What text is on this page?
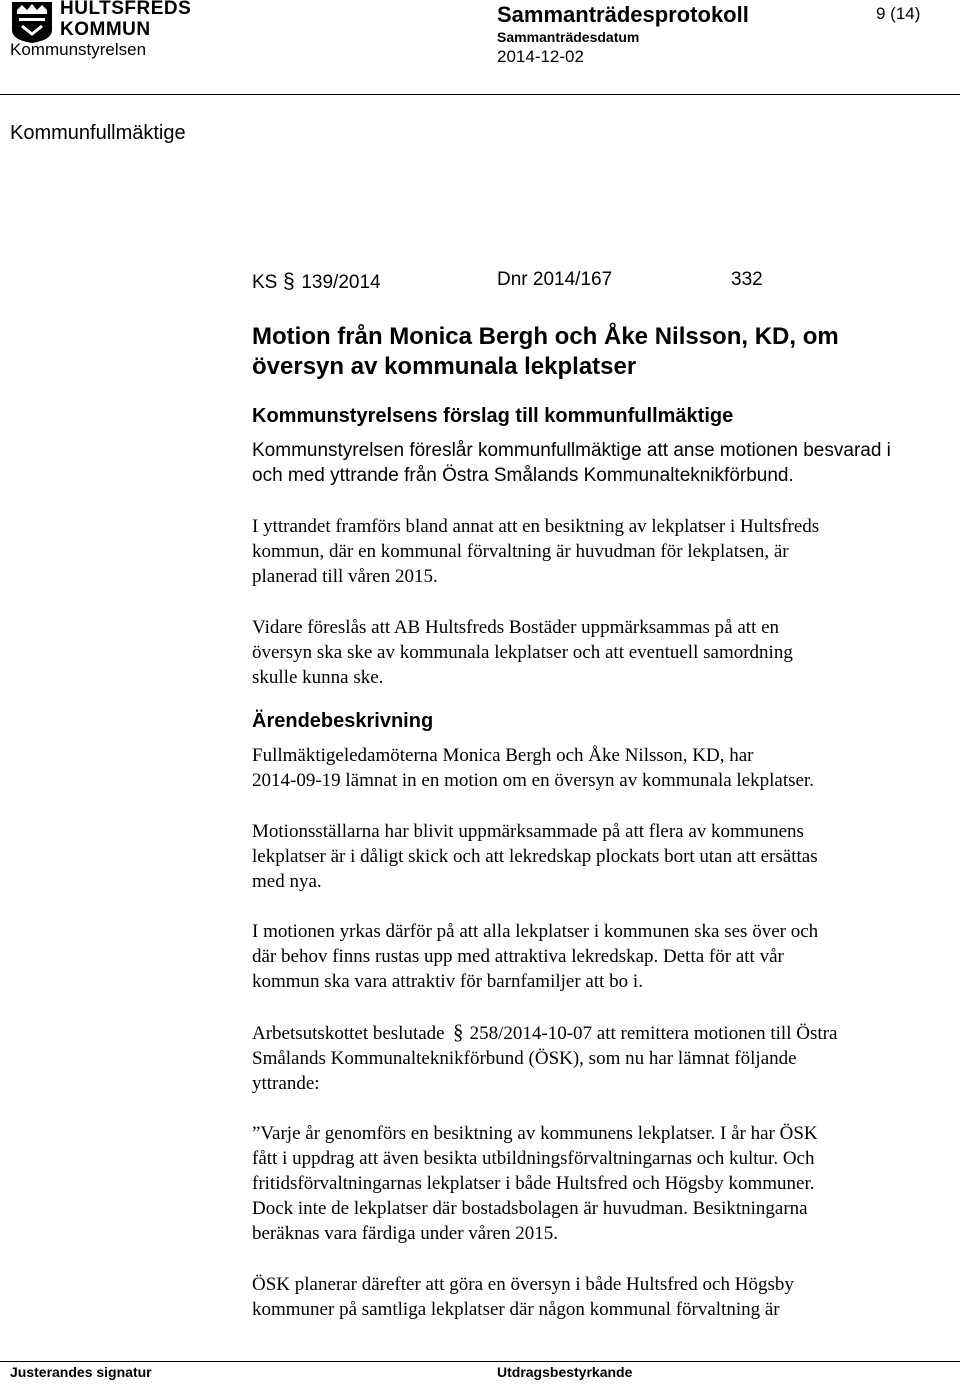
HULTSFREDS
KOMMUN
Kommunstyrelsen
Sammanträdesprotokoll
Sammanträdesdatum
2014-12-02
9 (14)
Kommunfullmäktige
KS § 139/2014	Dnr 2014/167	332
Motion från Monica Bergh och Åke Nilsson, KD, om
översyn av kommunala lekplatser
Kommunstyrelsens förslag till kommunfullmäktige
Kommunstyrelsen föreslår kommunfullmäktige att anse motionen besvarad i
och med yttrande från Östra Smålands Kommunalteknikförbund.
I yttrandet framförs bland annat att en besiktning av lekplatser i Hultsfreds
kommun, där en kommunal förvaltning är huvudman för lekplatsen, är
planerad till våren 2015.
Vidare föreslås att AB Hultsfreds Bostäder uppmärksammas på att en
översyn ska ske av kommunala lekplatser och att eventuell samordning
skulle kunna ske.
Ärendebeskrivning
Fullmäktigeledamöterna Monica Bergh och Åke Nilsson, KD, har
2014-09-19 lämnat in en motion om en översyn av kommunala lekplatser.
Motionsställarna har blivit uppmärksammade på att flera av kommunens
lekplatser är i dåligt skick och att lekredskap plockats bort utan att ersättas
med nya.
I motionen yrkas därför på att alla lekplatser i kommunen ska ses över och
där behov finns rustas upp med attraktiva lekredskap. Detta för att vår
kommun ska vara attraktiv för barnfamiljer att bo i.
Arbetsutskottet beslutade § 258/2014-10-07 att remittera motionen till Östra
Smålands Kommunalteknikförbund (ÖSK), som nu har lämnat följande
yttrande:
”Varje år genomförs en besiktning av kommunens lekplatser. I år har ÖSK
fått i uppdrag att även besikta utbildningsförvaltningarnas och kultur. Och
fritidsförvaltningarnas lekplatser i både Hultsfred och Högsby kommuner.
Dock inte de lekplatser där bostadsbolagen är huvudman. Besiktningarna
beräknas vara färdiga under våren 2015.
ÖSK planerar därefter att göra en översyn i både Hultsfred och Högsby
kommuner på samtliga lekplatser där någon kommunal förvaltning är
Justerandes signatur	Utdragsbestyrkande
